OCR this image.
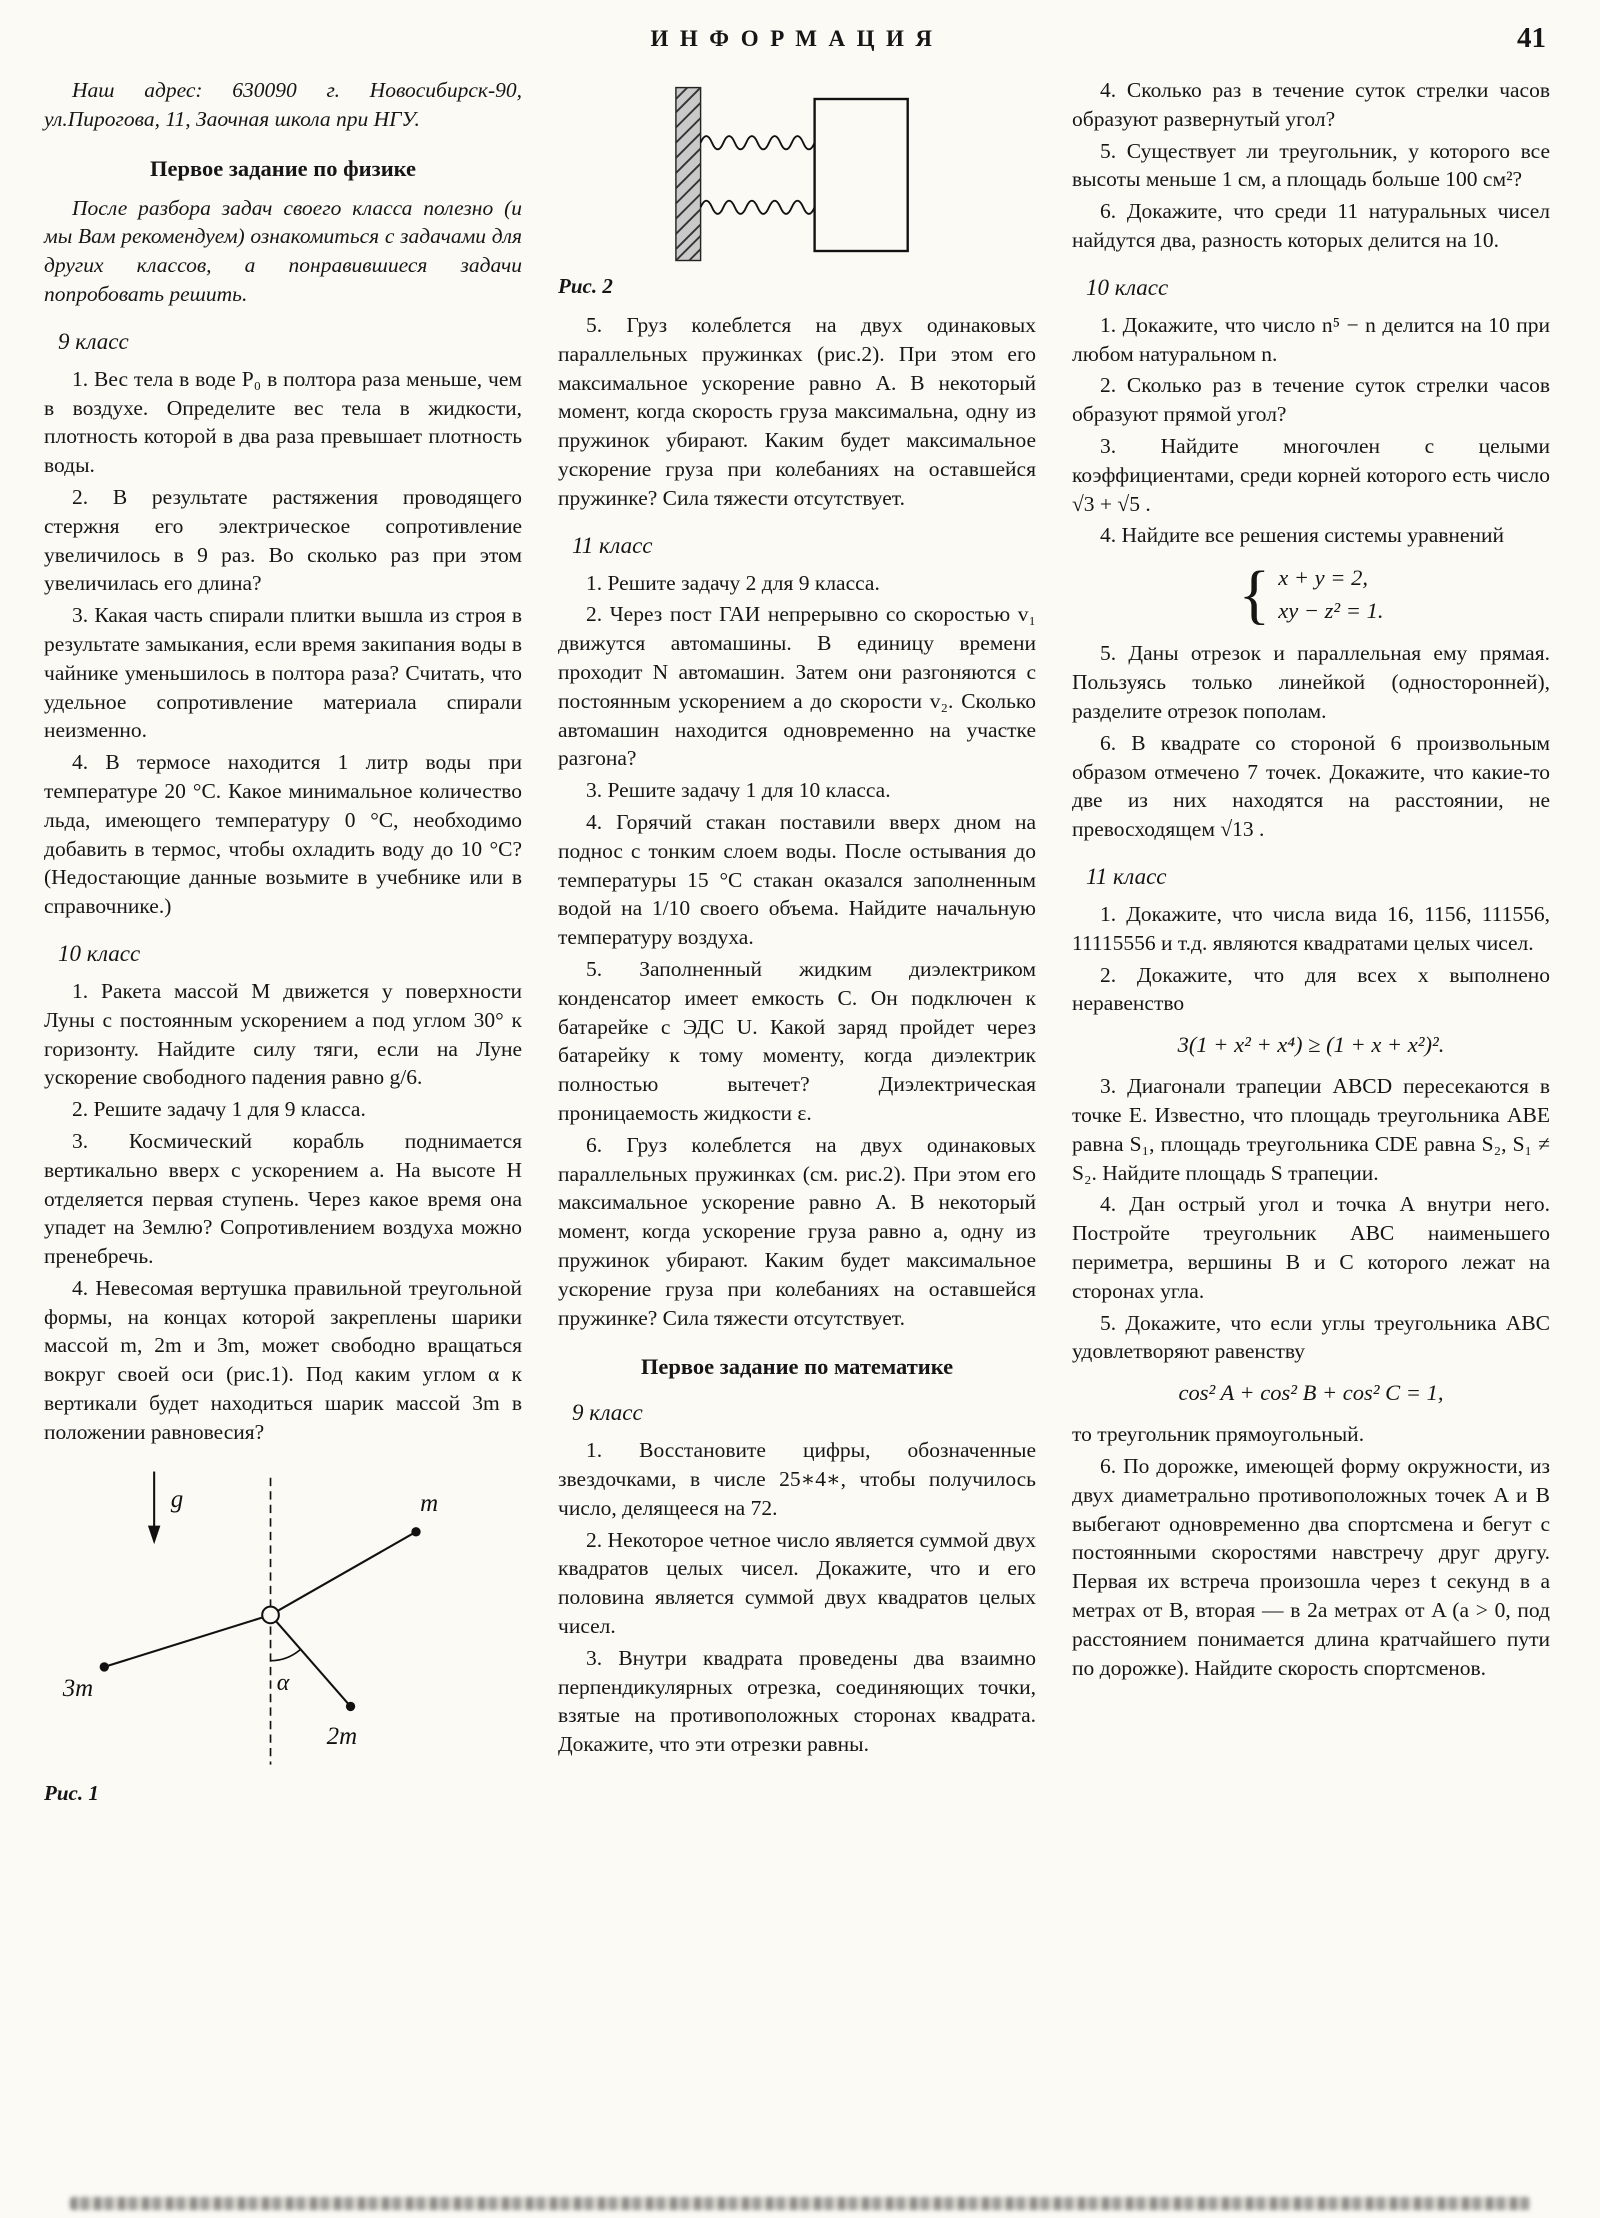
ИНФОРМАЦИЯ	41

Наш адрес: 630090 г. Новосибирск-90, ул.Пирогова, 11, Заочная школа при НГУ.

Первое задание по физике

После разбора задач своего класса полезно (и мы Вам рекомендуем) ознакомиться с задачами для других классов, а понравившиеся задачи попробовать решить.

9 класс

1. Вес тела в воде P₀ в полтора раза меньше, чем в воздухе. Определите вес тела в жидкости, плотность которой в два раза превышает плотность воды.

2. В результате растяжения проводящего стержня его электрическое сопротивление увеличилось в 9 раз. Во сколько раз при этом увеличилась его длина?

3. Какая часть спирали плитки вышла из строя в результате замыкания, если время закипания воды в чайнике уменьшилось в полтора раза? Считать, что удельное сопротивление материала спирали неизменно.

4. В термосе находится 1 литр воды при температуре 20 °C. Какое минимальное количество льда, имеющего температуру 0 °C, необходимо добавить в термос, чтобы охладить воду до 10 °C? (Недостающие данные возьмите в учебнике или в справочнике.)

10 класс

1. Ракета массой M движется у поверхности Луны с постоянным ускорением a под углом 30° к горизонту. Найдите силу тяги, если на Луне ускорение свободного падения равно g/6.

2. Решите задачу 1 для 9 класса.

3. Космический корабль поднимается вертикально вверх с ускорением a. На высоте H отделяется первая ступень. Через какое время она упадет на Землю? Сопротивлением воздуха можно пренебречь.

4. Невесомая вертушка правильной треугольной формы, на концах которой закреплены шарики массой m, 2m и 3m, может свободно вращаться вокруг своей оси (рис.1). Под каким углом α к вертикали будет находиться шарик массой 3m в положении равновесия?

g
α
m
3m
2m
Рис. 1
Рис. 2

5. Груз колеблется на двух одинаковых параллельных пружинках (рис.2). При этом его максимальное ускорение равно A. В некоторый момент, когда скорость груза максимальна, одну из пружинок убирают. Каким будет максимальное ускорение груза при колебаниях на оставшейся пружинке? Сила тяжести отсутствует.

11 класс

1. Решите задачу 2 для 9 класса.

2. Через пост ГАИ непрерывно со скоростью v₁ движутся автомашины. В единицу времени проходит N автомашин. Затем они разгоняются с постоянным ускорением a до скорости v₂. Сколько автомашин находится одновременно на участке разгона?

3. Решите задачу 1 для 10 класса.

4. Горячий стакан поставили вверх дном на поднос с тонким слоем воды. После остывания до температуры 15 °C стакан оказался заполненным водой на 1/10 своего объема. Найдите начальную температуру воздуха.

5. Заполненный жидким диэлектриком конденсатор имеет емкость C. Он подключен к батарейке с ЭДС U. Какой заряд пройдет через батарейку к тому моменту, когда диэлектрик полностью вытечет? Диэлектрическая проницаемость жидкости ε.

6. Груз колеблется на двух одинаковых параллельных пружинках (см. рис.2). При этом его максимальное ускорение равно A. В некоторый момент, когда ускорение груза равно a, одну из пружинок убирают. Каким будет максимальное ускорение груза при колебаниях на оставшейся пружинке? Сила тяжести отсутствует.

Первое задание по математике
9 класс

1. Восстановите цифры, обозначенные звездочками, в числе 25∗4∗, чтобы получилось число, делящееся на 72.

2. Некоторое четное число является суммой двух квадратов целых чисел. Докажите, что и его половина является суммой двух квадратов целых чисел.

3. Внутри квадрата проведены два взаимно перпендикулярных отрезка, соединяющих точки, взятые на противоположных сторонах квадрата. Докажите, что эти отрезки равны.

4. Сколько раз в течение суток стрелки часов образуют развернутый угол?

5. Существует ли треугольник, у которого все высоты меньше 1 см, а площадь больше 100 см²?

6. Докажите, что среди 11 натуральных чисел найдутся два, разность которых делится на 10.

10 класс

1. Докажите, что число n⁵ − n делится на 10 при любом натуральном n.

2. Сколько раз в течение суток стрелки часов образуют прямой угол?

3. Найдите многочлен с целыми коэффициентами, среди корней которого есть число √3 + √5 .

4. Найдите все решения системы уравнений

{ x + y = 2,
xy − z² = 1.

5. Даны отрезок и параллельная ему прямая. Пользуясь только линейкой (односторонней), разделите отрезок пополам.

6. В квадрате со стороной 6 произвольным образом отмечено 7 точек. Докажите, что какие-то две из них находятся на расстоянии, не превосходящем √13 .

11 класс

1. Докажите, что числа вида 16, 1156, 111556, 11115556 и т.д. являются квадратами целых чисел.

2. Докажите, что для всех x выполнено неравенство

3(1 + x² + x⁴) ≥ (1 + x + x²)².

3. Диагонали трапеции ABCD пересекаются в точке E. Известно, что площадь треугольника ABE равна S₁, площадь треугольника CDE равна S₂, S₁ ≠ S₂. Найдите площадь S трапеции.

4. Дан острый угол и точка A внутри него. Постройте треугольник ABC наименьшего периметра, вершины B и C которого лежат на сторонах угла.

5. Докажите, что если углы треугольника ABC удовлетворяют равенству

cos² A + cos² B + cos² C = 1,

то треугольник прямоугольный.

6. По дорожке, имеющей форму окружности, из двух диаметрально противоположных точек A и B выбегают одновременно два спортсмена и бегут с постоянными скоростями навстречу друг другу. Первая их встреча произошла через t секунд в a метрах от B, вторая — в 2a метрах от A (a > 0, под расстоянием понимается длина кратчайшего пути по дорожке). Найдите скорость спортсменов.
